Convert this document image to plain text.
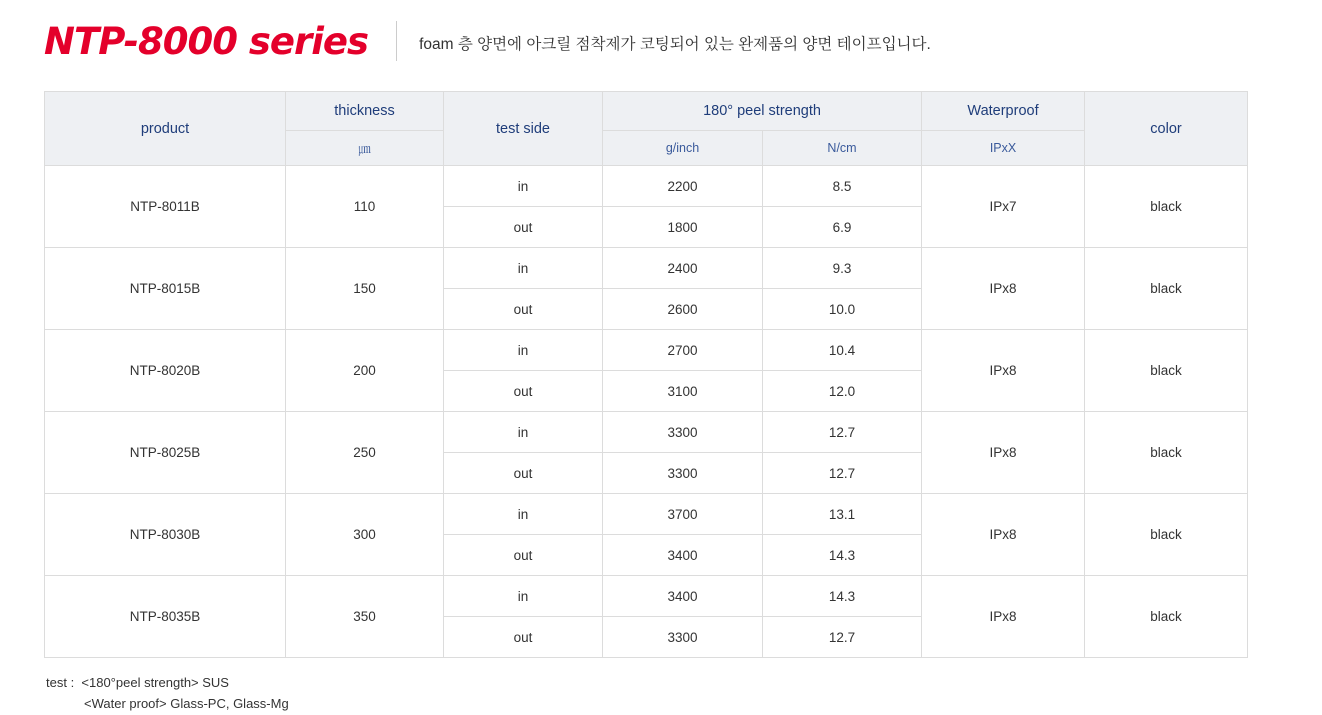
NTP-8000 series	foam 층 양면에 아크릴 점착제가 코팅되어 있는 완제품의 양면 테이프입니다.
product	thickness	test side	180° peel strength		Waterproof	color
	㎛		g/inch	N/cm	IPxX	
NTP-8011B	110	in	2200	8.5	IPx7	black
		out	1800	6.9		
NTP-8015B	150	in	2400	9.3	IPx8	black
		out	2600	10.0		
NTP-8020B	200	in	2700	10.4	IPx8	black
		out	3100	12.0		
NTP-8025B	250	in	3300	12.7	IPx8	black
		out	3300	12.7		
NTP-8030B	300	in	3700	13.1	IPx8	black
		out	3400	14.3		
NTP-8035B	350	in	3400	14.3	IPx8	black
		out	3300	12.7		
test :  <180°peel strength> SUS
<Water proof> Glass-PC, Glass-Mg
